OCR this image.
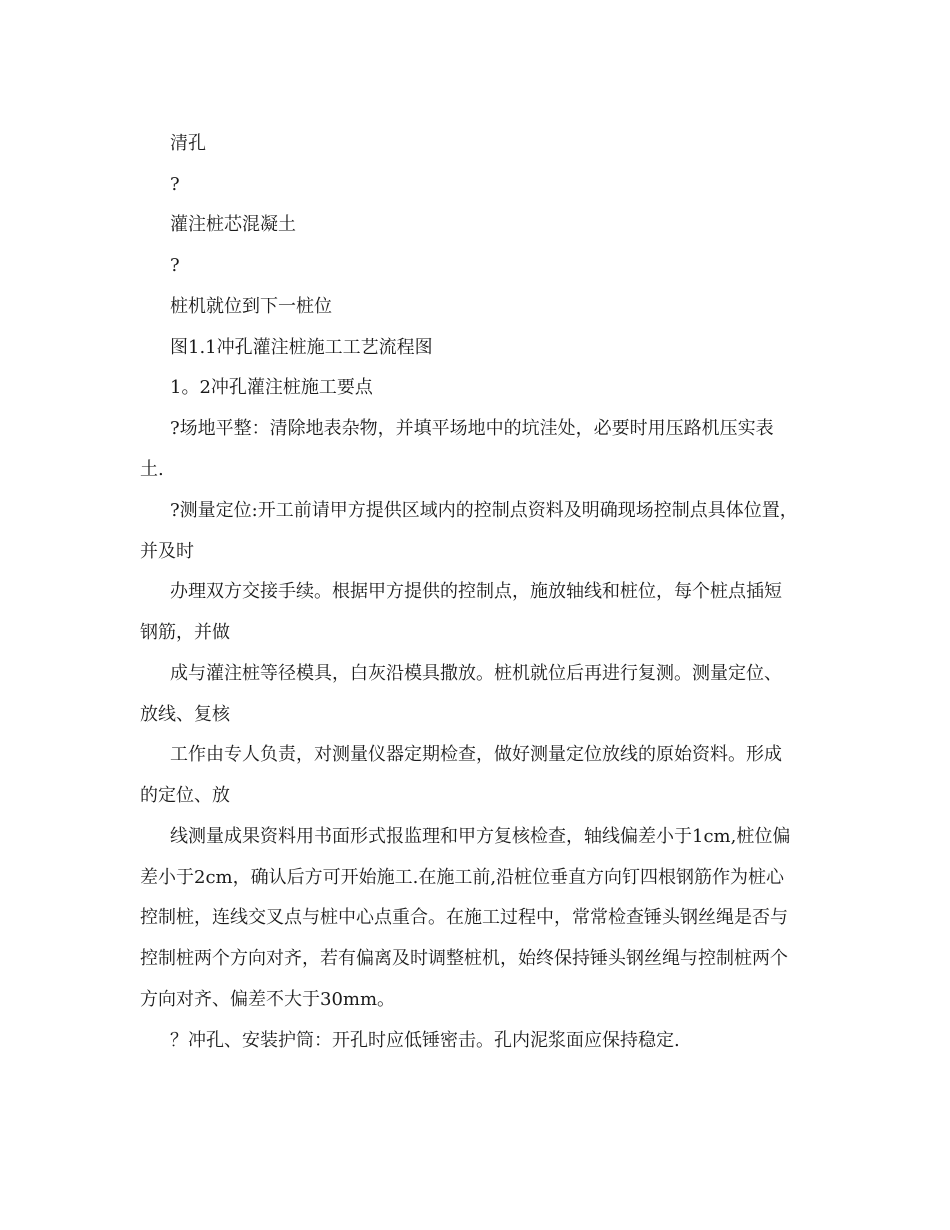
清孔

?

灌注桩芯混凝土

?

桩机就位到下一桩位

图1.1冲孔灌注桩施工工艺流程图

1。2冲孔灌注桩施工要点

?场地平整：清除地表杂物，并填平场地中的坑洼处，必要时用压路机压实表

土.

?测量定位:开工前请甲方提供区域内的控制点资料及明确现场控制点具体位置，

并及时

办理双方交接手续。根据甲方提供的控制点，施放轴线和桩位，每个桩点插短

钢筋，并做

成与灌注桩等径模具，白灰沿模具撒放。桩机就位后再进行复测。测量定位、

放线、复核

工作由专人负责，对测量仪器定期检查，做好测量定位放线的原始资料。形成

的定位、放

线测量成果资料用书面形式报监理和甲方复核检查，轴线偏差小于1cm,桩位偏

差小于2cm，确认后方可开始施工.在施工前,沿桩位垂直方向钉四根钢筋作为桩心

控制桩，连线交叉点与桩中心点重合。在施工过程中，常常检查锤头钢丝绳是否与

控制桩两个方向对齐，若有偏离及时调整桩机，始终保持锤头钢丝绳与控制桩两个

方向对齐、偏差不大于30mm。

？冲孔、安装护筒：开孔时应低锤密击。孔内泥浆面应保持稳定.
